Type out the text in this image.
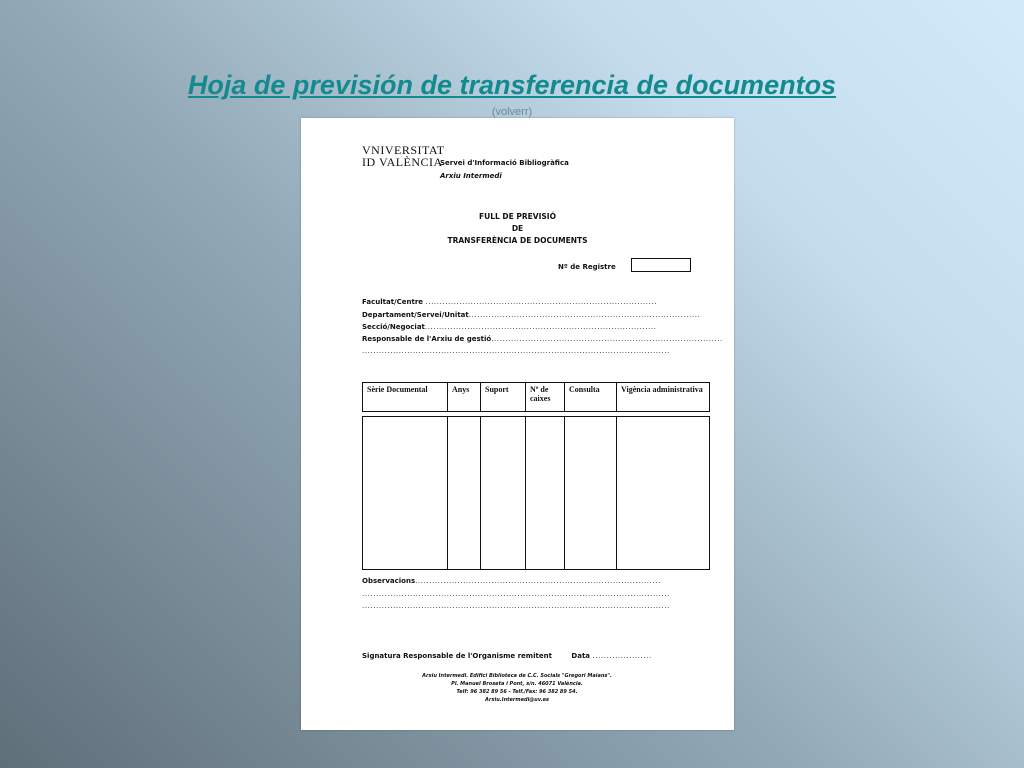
Hoja de previsión de transferencia de documentos
(volverr)
VNIVERSITAT
ID VALÈNCIA
Servei d'Informació Bibliogràfica
Arxiu Intermedi
FULL DE PREVISIÓ
DE
TRANSFERÈNCIA DE DOCUMENTS
Nº de Registre
Facultat/Centre ..................................................................................
Departament/Servei/Unitat..................................................................................
Secció/Negociat..................................................................................
Responsable de l'Arxiu de gestió..................................................................................
.............................................................................................................
Sèrie Documental	Anys	Suport	Nº de caixes	Consulta	Vigència administrativa

Observacions.......................................................................................
.............................................................................................................
.............................................................................................................
Signatura Responsable de l'Organisme remitent	Data .....................
Arxiu Intermedi. Edifici Biblioteca de C.C. Socials "Gregori Maians".
Pl. Manuel Broseta i Pont, s/n. 46071 València.
Telf: 96 382 89 56 - Telf./Fax: 96 382 89 54.
Arxiu.Intermedi@uv.es
